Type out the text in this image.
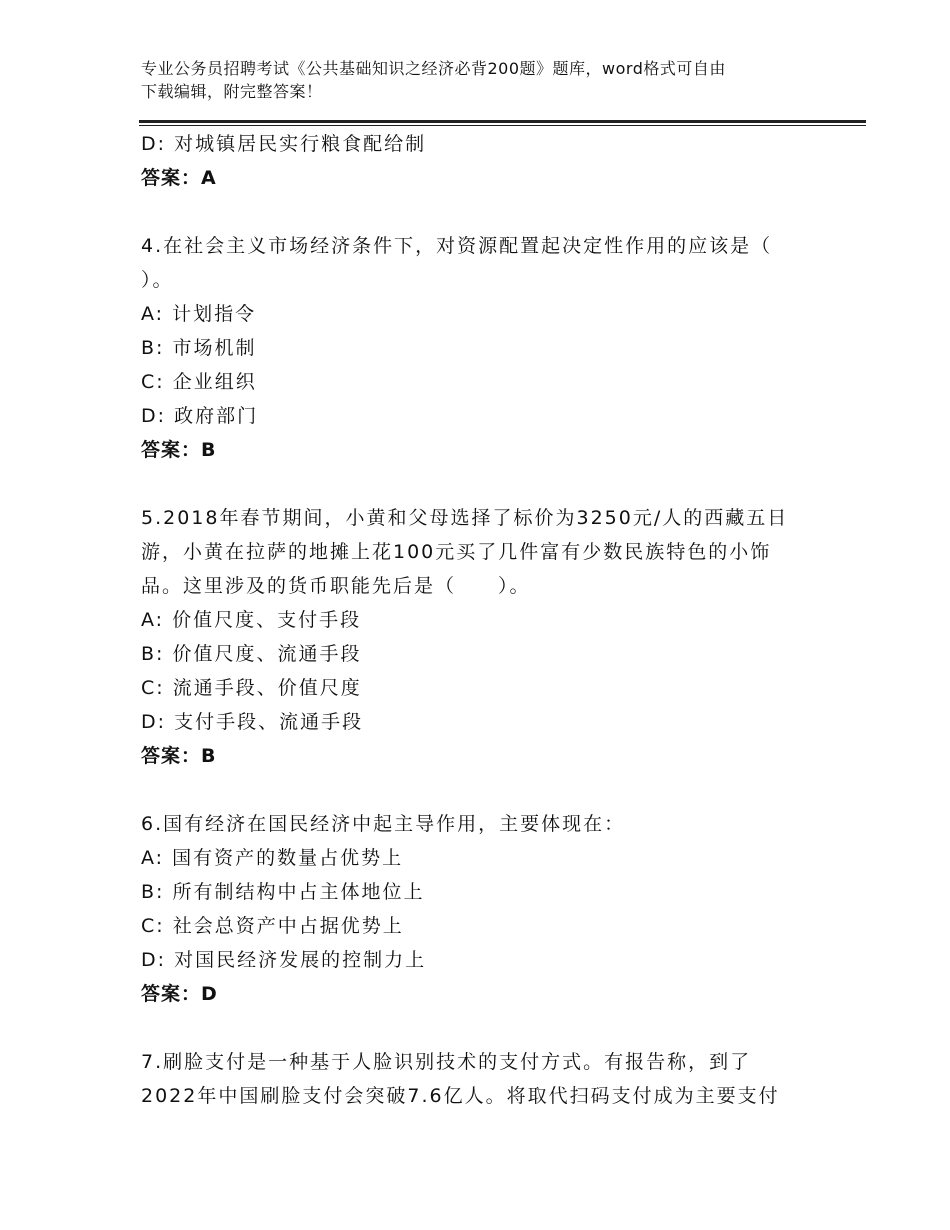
专业公务员招聘考试《公共基础知识之经济必背200题》题库，word格式可自由
下载编辑，附完整答案！
D: 对城镇居民实行粮食配给制
答案：A
4.在社会主义市场经济条件下，对资源配置起决定性作用的应该是（
）。
A: 计划指令
B: 市场机制
C: 企业组织
D: 政府部门
答案：B
5.2018年春节期间，小黄和父母选择了标价为3250元/人的西藏五日
游，小黄在拉萨的地摊上花100元买了几件富有少数民族特色的小饰
品。这里涉及的货币职能先后是（　　）。
A: 价值尺度、支付手段
B: 价值尺度、流通手段
C: 流通手段、价值尺度
D: 支付手段、流通手段
答案：B
6.国有经济在国民经济中起主导作用，主要体现在：
A: 国有资产的数量占优势上
B: 所有制结构中占主体地位上
C: 社会总资产中占据优势上
D: 对国民经济发展的控制力上
答案：D
7.刷脸支付是一种基于人脸识别技术的支付方式。有报告称，到了
2022年中国刷脸支付会突破7.6亿人。将取代扫码支付成为主要支付
